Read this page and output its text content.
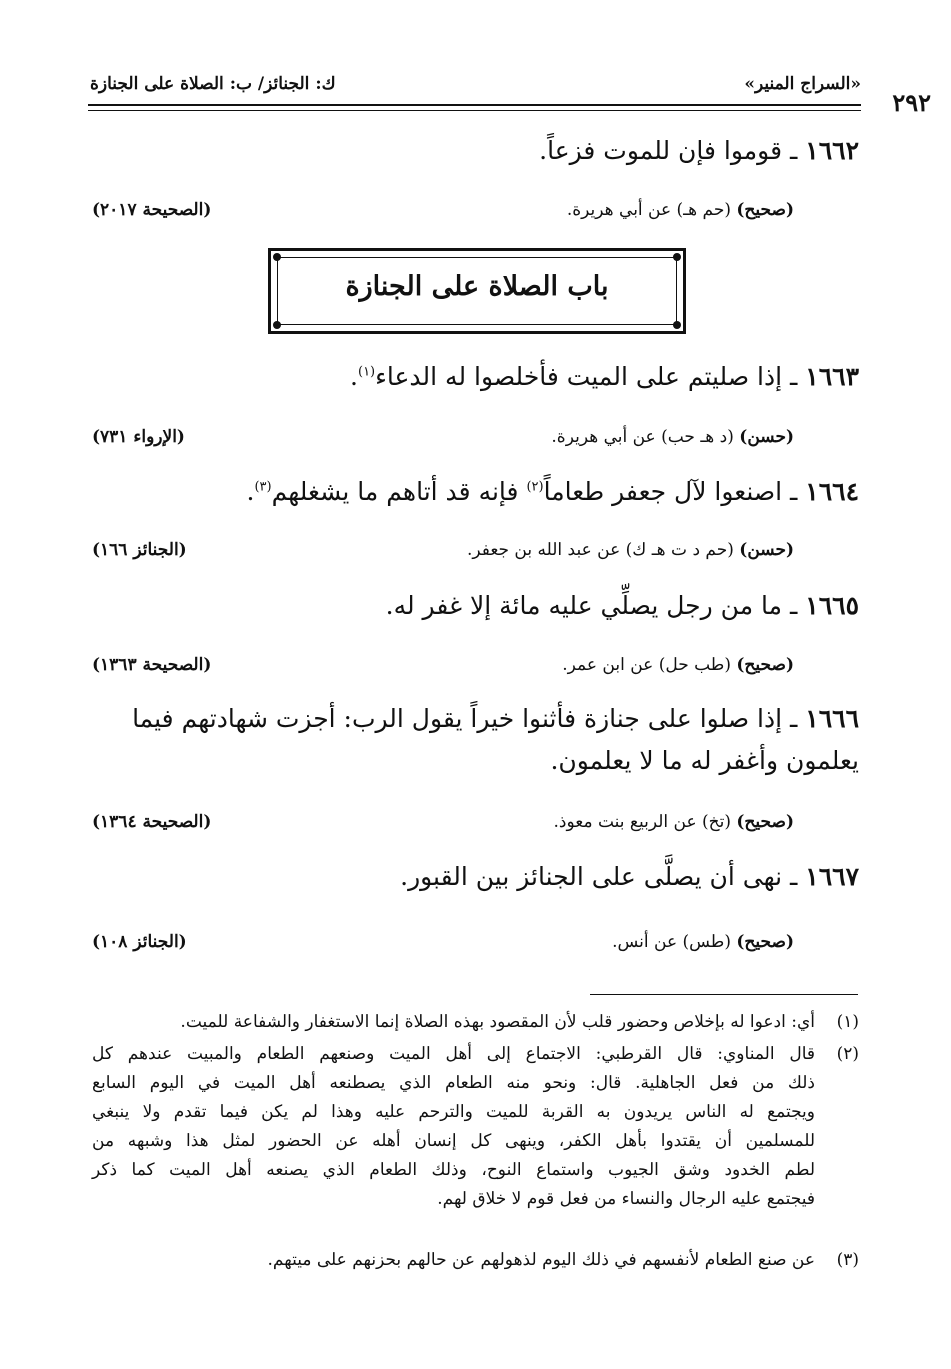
٢٩٢
«السراج المنير»
ك: الجنائز/ ب: الصلاة على الجنازة
١٦٦٢ ـ قوموا فإن للموت فزعاً.
(صحيح) (حم هـ) عن أبي هريرة.
(الصحيحة ٢٠١٧)
باب الصلاة على الجنازة
١٦٦٣ ـ إذا صليتم على الميت فأخلصوا له الدعاء$^{(١)}$.
(حسن) (د هـ حب) عن أبي هريرة.
(الإرواء ٧٣١)
١٦٦٤ ـ اصنعوا لآل جعفر طعاماً$^{(٢)}$ فإنه قد أتاهم ما يشغلهم$^{(٣)}$.
(حسن) (حم د ت هـ ك) عن عبد الله بن جعفر.
(الجنائز ١٦٦)
١٦٦٥ ـ ما من رجل يصلِّي عليه مائة إلا غفر له.
(صحيح) (طب حل) عن ابن عمر.
(الصحيحة ١٣٦٣)
١٦٦٦ ـ إذا صلوا على جنازة فأثنوا خيراً يقول الرب: أجزت شهادتهم فيما
يعلمون وأغفر له ما لا يعلمون.
(صحيح) (تخ) عن الربيع بنت معوذ.
(الصحيحة ١٣٦٤)
١٦٦٧ ـ نهى أن يصلَّى على الجنائز بين القبور.
(صحيح) (طس) عن أنس.
(الجنائز ١٠٨)
(١)
أي: ادعوا له بإخلاص وحضور قلب لأن المقصود بهذه الصلاة إنما الاستغفار والشفاعة للميت.
(٢)
قال المناوي: قال القرطبي: الاجتماع إلى أهل الميت وصنعهم الطعام والمبيت عندهم كل
ذلك من فعل الجاهلية. قال: ونحو منه الطعام الذي يصطنعه أهل الميت في اليوم السابع
ويجتمع له الناس يريدون به القربة للميت والترحم عليه وهذا لم يكن فيما تقدم ولا ينبغي
للمسلمين أن يقتدوا بأهل الكفر، وينهى كل إنسان أهله عن الحضور لمثل هذا وشبهه من
لطم الخدود وشق الجيوب واستماع النوح، وذلك الطعام الذي يصنعه أهل الميت كما ذكر
فيجتمع عليه الرجال والنساء من فعل قوم لا خلاق لهم.
(٣)
عن صنع الطعام لأنفسهم في ذلك اليوم لذهولهم عن حالهم بحزنهم على ميتهم.
